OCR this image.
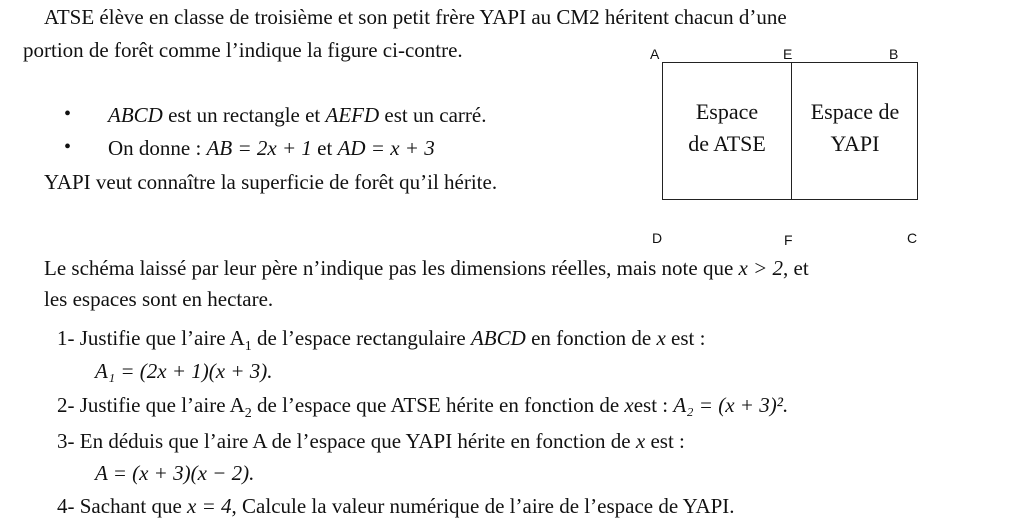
ATSE élève en classe de troisième et son petit frère YAPI au CM2 héritent chacun d’une
portion de forêt comme l’indique la figure ci-contre.
• ABCD est un rectangle et AEFD est un carré.
• On donne : AB = 2x + 1 et AD = x + 3
YAPI veut connaître la superficie de forêt qu’il hérite.
A	E	B
Espace
de ATSE
Espace de
YAPI
D	F	C
Le schéma laissé par leur père n’indique pas les dimensions réelles, mais note que x > 2, et
les espaces sont en hectare.
1- Justifie que l’aire $A_1$ de l’espace rectangulaire ABCD en fonction de x est :
A₁ = (2x + 1)(x + 3).
2- Justifie que l’aire $A_2$ de l’espace que ATSE hérite en fonction de xest : A₂ = (x + 3)².
3- En déduis que l’aire A de l’espace que YAPI hérite en fonction de x est :
A = (x + 3)(x − 2).
4- Sachant que x = 4, Calcule la valeur numérique de l’aire de l’espace de YAPI.
